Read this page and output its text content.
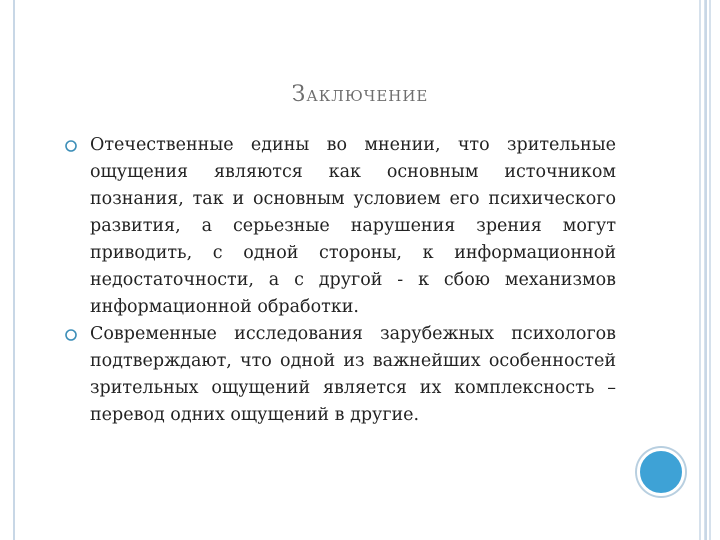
Заключение
Отечественные едины во мнении, что зрительные ощущения являются как основным источником познания, так и основным условием его психического развития, а серьезные нарушения зрения могут приводить, с одной стороны, к информационной недостаточности, а с другой - к сбою механизмов информационной обработки.
Современные исследования зарубежных психологов подтверждают, что одной из важнейших особенностей зрительных ощущений является их комплексность – перевод одних ощущений в другие.
